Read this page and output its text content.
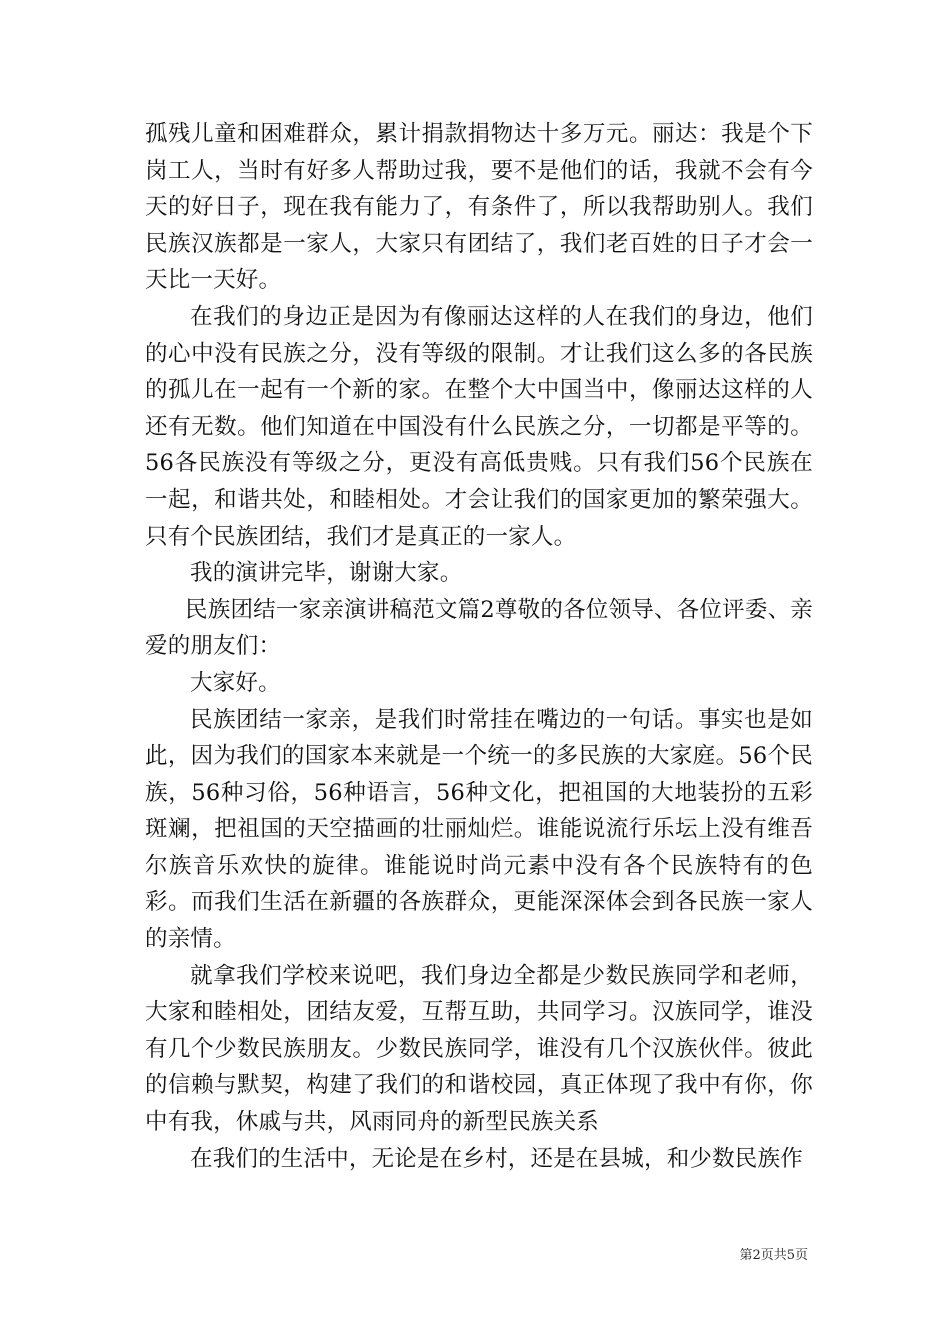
孤残儿童和困难群众，累计捐款捐物达十多万元。丽达：我是个下岗工人，当时有好多人帮助过我，要不是他们的话，我就不会有今天的好日子，现在我有能力了，有条件了，所以我帮助别人。我们民族汉族都是一家人，大家只有团结了，我们老百姓的日子才会一天比一天好。

在我们的身边正是因为有像丽达这样的人在我们的身边，他们的心中没有民族之分，没有等级的限制。才让我们这么多的各民族的孤儿在一起有一个新的家。在整个大中国当中，像丽达这样的人还有无数。他们知道在中国没有什么民族之分，一切都是平等的。56各民族没有等级之分，更没有高低贵贱。只有我们56个民族在一起，和谐共处，和睦相处。才会让我们的国家更加的繁荣强大。只有个民族团结，我们才是真正的一家人。

我的演讲完毕，谢谢大家。

民族团结一家亲演讲稿范文篇2尊敬的各位领导、各位评委、亲爱的朋友们：

大家好。

民族团结一家亲，是我们时常挂在嘴边的一句话。事实也是如此，因为我们的国家本来就是一个统一的多民族的大家庭。56个民族，56种习俗，56种语言，56种文化，把祖国的大地装扮的五彩斑斓，把祖国的天空描画的壮丽灿烂。谁能说流行乐坛上没有维吾尔族音乐欢快的旋律。谁能说时尚元素中没有各个民族特有的色彩。而我们生活在新疆的各族群众，更能深深体会到各民族一家人的亲情。

就拿我们学校来说吧，我们身边全都是少数民族同学和老师，大家和睦相处，团结友爱，互帮互助，共同学习。汉族同学，谁没有几个少数民族朋友。少数民族同学，谁没有几个汉族伙伴。彼此的信赖与默契，构建了我们的和谐校园，真正体现了我中有你，你中有我，休戚与共，风雨同舟的新型民族关系

在我们的生活中，无论是在乡村，还是在县城，和少数民族作

第2页共5页
